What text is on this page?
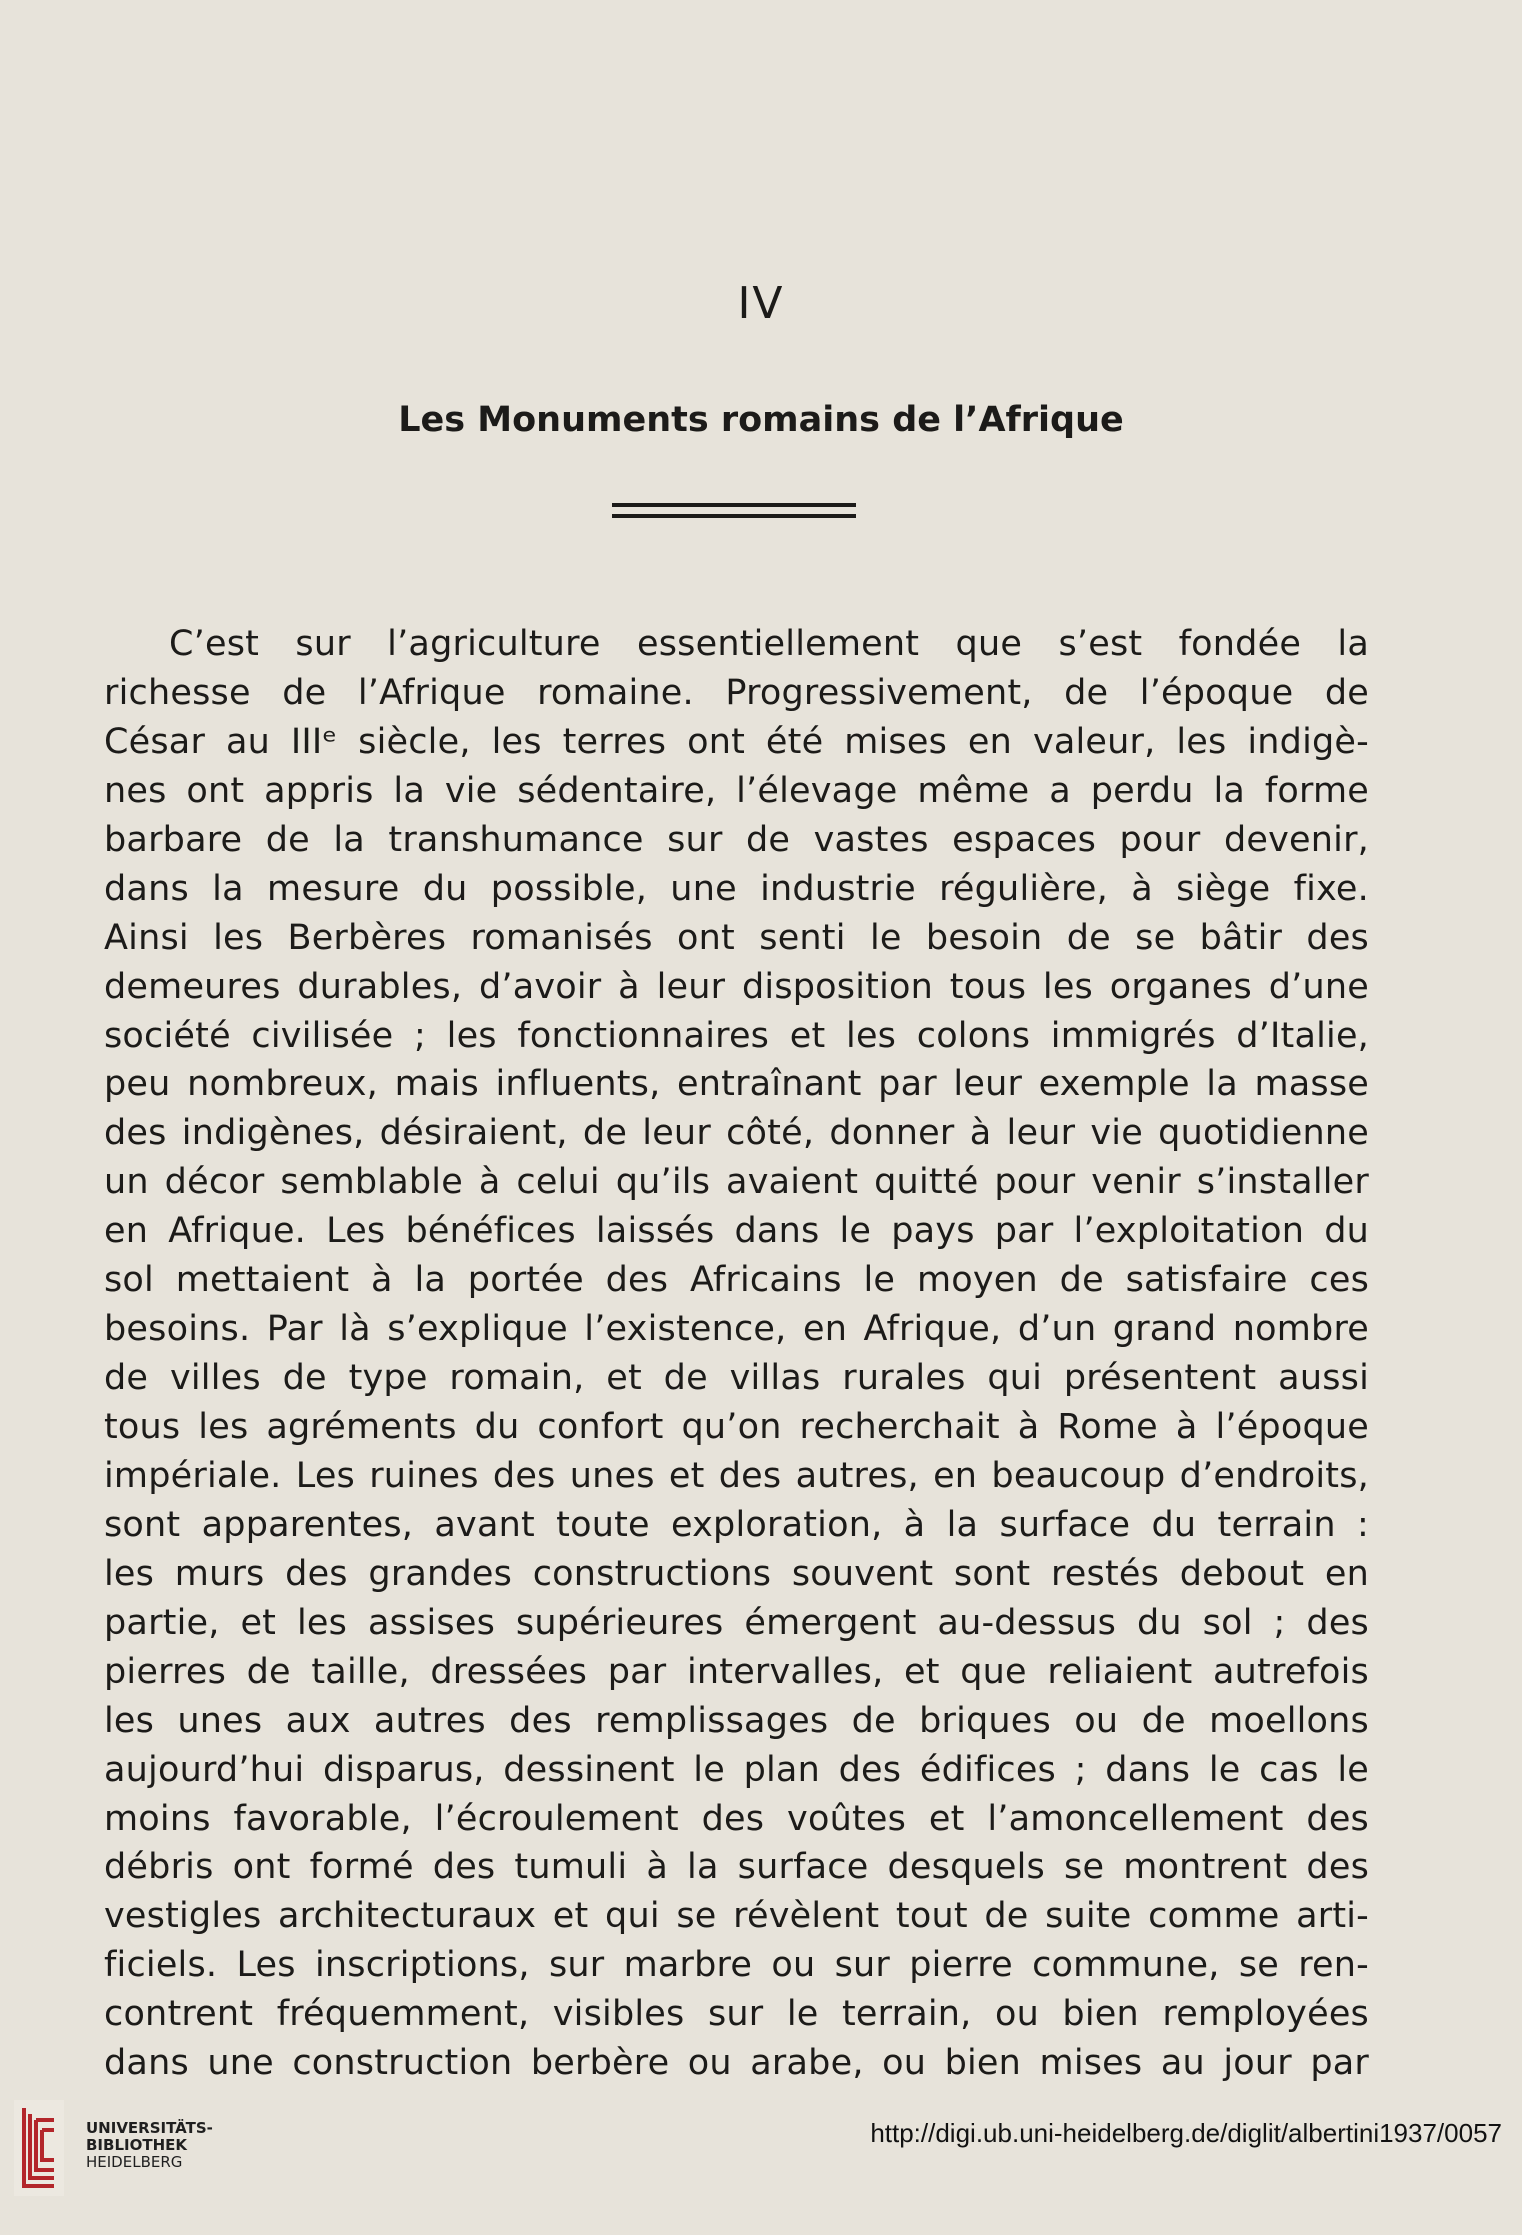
IV
Les Monuments romains de l’Afrique
C’est sur l’agriculture essentiellement que s’est fondée la
richesse de l’Afrique romaine. Progressivement, de l’époque de
César au IIIᵉ siècle, les terres ont été mises en valeur, les indigè-
nes ont appris la vie sédentaire, l’élevage même a perdu la forme
barbare de la transhumance sur de vastes espaces pour devenir,
dans la mesure du possible, une industrie régulière, à siège fixe.
Ainsi les Berbères romanisés ont senti le besoin de se bâtir des
demeures durables, d’avoir à leur disposition tous les organes d’une
société civilisée ; les fonctionnaires et les colons immigrés d’Italie,
peu nombreux, mais influents, entraînant par leur exemple la masse
des indigènes, désiraient, de leur côté, donner à leur vie quotidienne
un décor semblable à celui qu’ils avaient quitté pour venir s’installer
en Afrique. Les bénéfices laissés dans le pays par l’exploitation du
sol mettaient à la portée des Africains le moyen de satisfaire ces
besoins. Par là s’explique l’existence, en Afrique, d’un grand nombre
de villes de type romain, et de villas rurales qui présentent aussi
tous les agréments du confort qu’on recherchait à Rome à l’époque
impériale. Les ruines des unes et des autres, en beaucoup d’endroits,
sont apparentes, avant toute exploration, à la surface du terrain :
les murs des grandes constructions souvent sont restés debout en
partie, et les assises supérieures émergent au-dessus du sol ; des
pierres de taille, dressées par intervalles, et que reliaient autrefois
les unes aux autres des remplissages de briques ou de moellons
aujourd’hui disparus, dessinent le plan des édifices ; dans le cas le
moins favorable, l’écroulement des voûtes et l’amoncellement des
débris ont formé des tumuli à la surface desquels se montrent des
vestigles architecturaux et qui se révèlent tout de suite comme arti-
ficiels. Les inscriptions, sur marbre ou sur pierre commune, se ren-
contrent fréquemment, visibles sur le terrain, ou bien remployées
dans une construction berbère ou arabe, ou bien mises au jour par
UNIVERSITÄTS-
BIBLIOTHEK
HEIDELBERG
http://digi.ub.uni-heidelberg.de/diglit/albertini1937/0057
